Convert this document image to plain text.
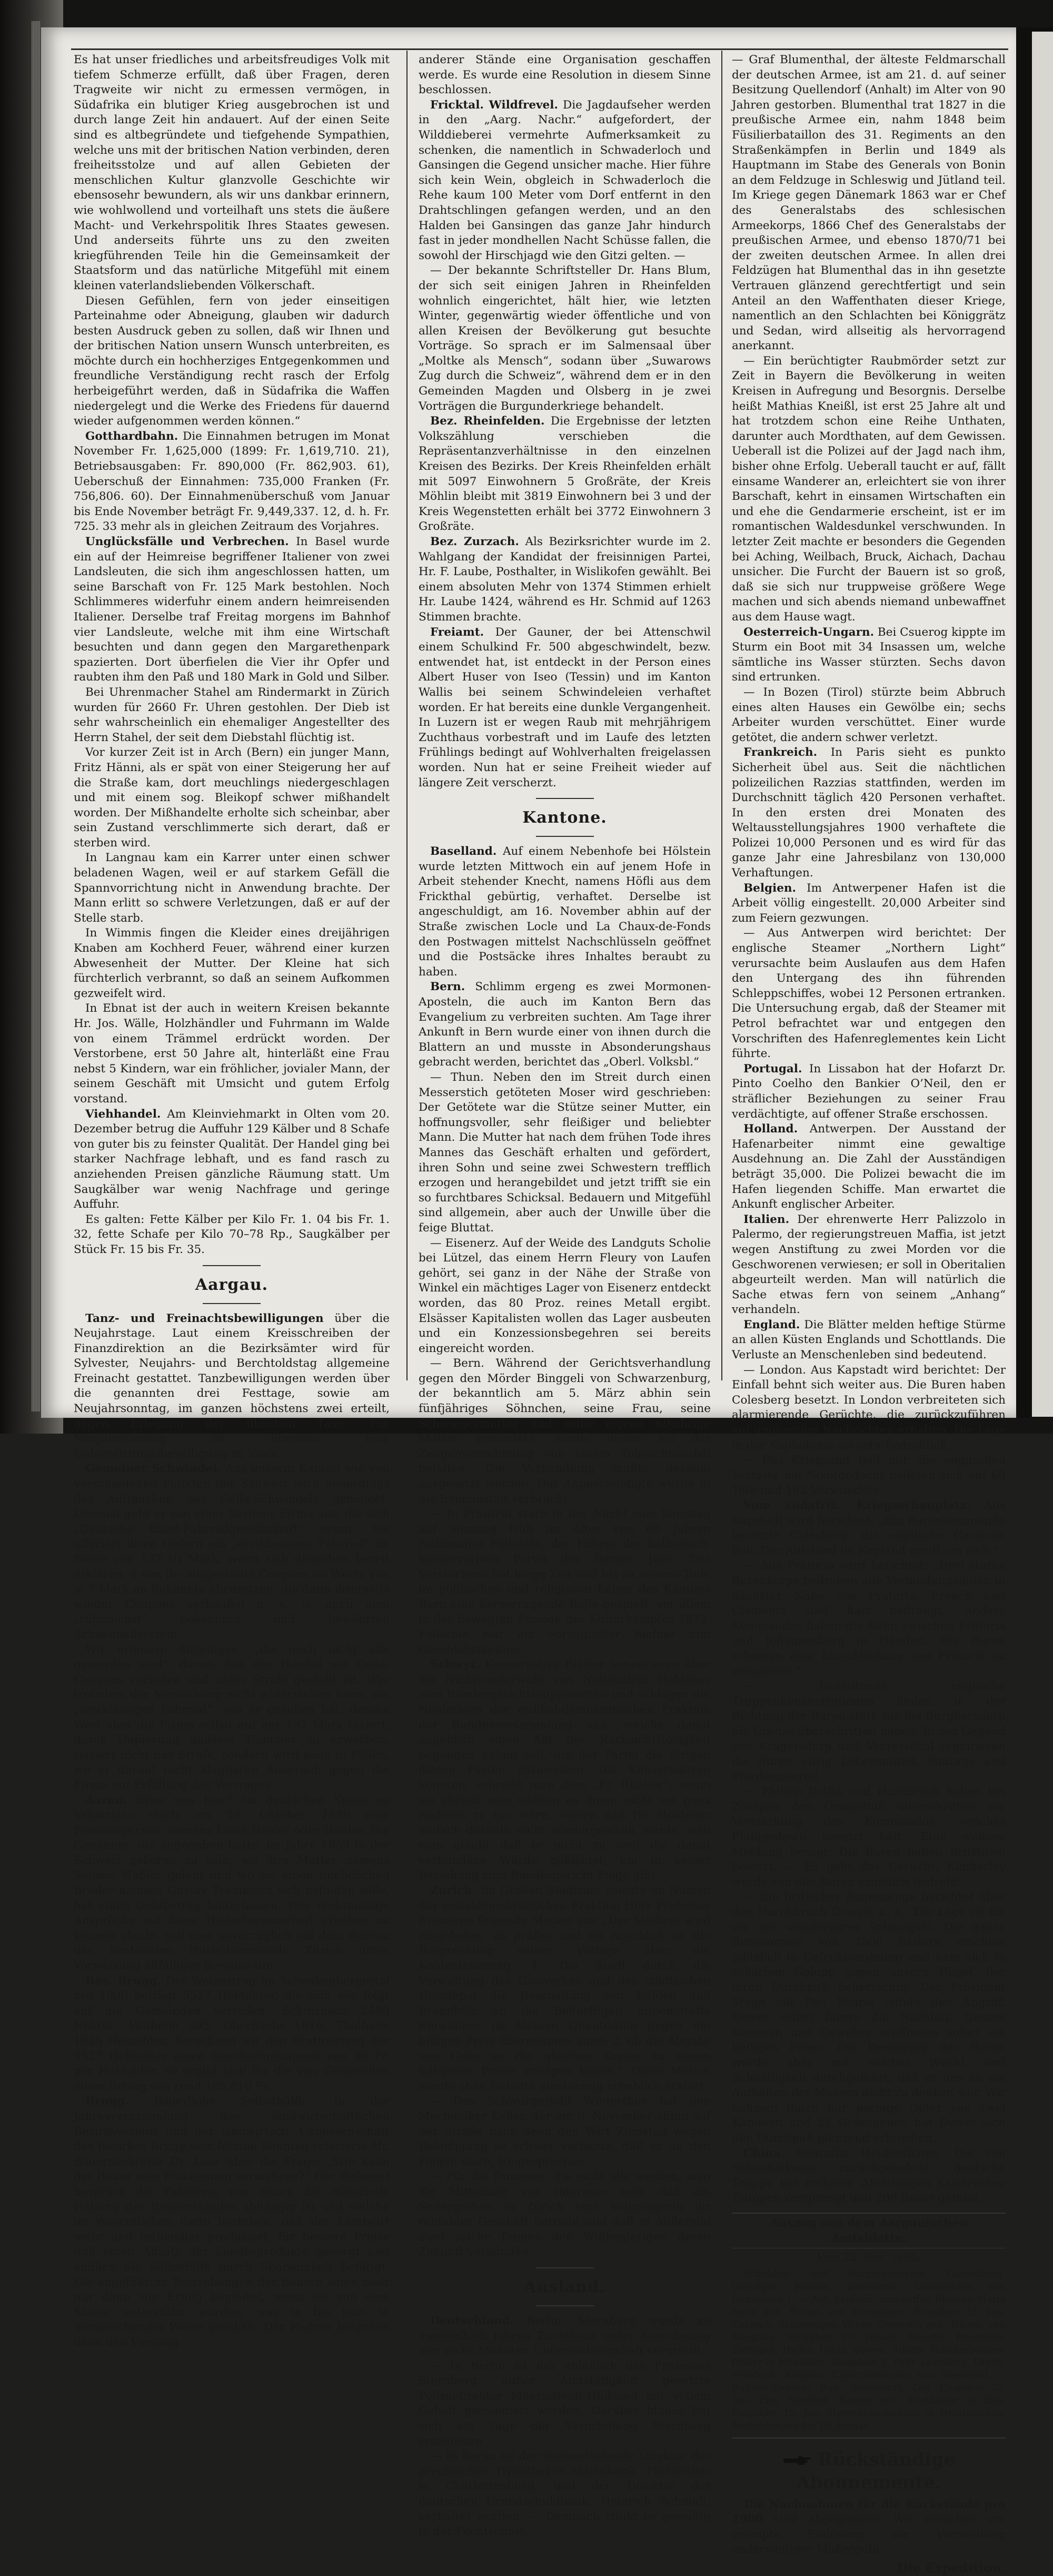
Es hat unser friedliches und arbeitsfreudiges Volk mit tiefem Schmerze erfüllt, daß über Fragen, deren Tragweite wir nicht zu ermessen vermögen, in Südafrika ein blutiger Krieg ausgebrochen ist und durch lange Zeit hin andauert. Auf der einen Seite sind es altbegründete und tiefgehende Sympathien, welche uns mit der britischen Nation verbinden, deren freiheitsstolze und auf allen Gebieten der menschlichen Kultur glanzvolle Geschichte wir ebensosehr bewundern, als wir uns dankbar erinnern, wie wohlwollend und vorteilhaft uns stets die äußere Macht- und Verkehrspolitik Ihres Staates gewesen. Und anderseits führte uns zu den zweiten kriegführenden Teile hin die Gemeinsamkeit der Staatsform und das natürliche Mitgefühl mit einem kleinen vaterlandsliebenden Völkerschaft.

Diesen Gefühlen, fern von jeder einseitigen Parteinahme oder Abneigung, glauben wir dadurch besten Ausdruck geben zu sollen, daß wir Ihnen und der britischen Nation unsern Wunsch unterbreiten, es möchte durch ein hochherziges Entgegenkommen und freundliche Verständigung recht rasch der Erfolg herbeigeführt werden, daß in Südafrika die Waffen niedergelegt und die Werke des Friedens für dauernd wieder aufgenommen werden können.“

Gotthardbahn. Die Einnahmen betrugen im Monat November Fr. 1,625,000 (1899: Fr. 1,619,710. 21), Betriebsausgaben: Fr. 890,000 (Fr. 862,903. 61), Ueberschuß der Einnahmen: 735,000 Franken (Fr. 756,806. 60). Der Einnahmenüberschuß vom Januar bis Ende November beträgt Fr. 9,449,337. 12, d. h. Fr. 725. 33 mehr als in gleichen Zeitraum des Vorjahres.

Unglücksfälle und Verbrechen. In Basel wurde ein auf der Heimreise begriffener Italiener von zwei Landsleuten, die sich ihm angeschlossen hatten, um seine Barschaft von Fr. 125 Mark bestohlen. Noch Schlimmeres widerfuhr einem andern heimreisenden Italiener. Derselbe traf Freitag morgens im Bahnhof vier Landsleute, welche mit ihm eine Wirtschaft besuchten und dann gegen den Margarethenpark spazierten. Dort überfielen die Vier ihr Opfer und raubten ihm den Paß und 180 Mark in Gold und Silber.

Bei Uhrenmacher Stahel am Rindermarkt in Zürich wurden für 2660 Fr. Uhren gestohlen. Der Dieb ist sehr wahrscheinlich ein ehemaliger Angestellter des Herrn Stahel, der seit dem Diebstahl flüchtig ist.

Vor kurzer Zeit ist in Arch (Bern) ein junger Mann, Fritz Hänni, als er spät von einer Steigerung her auf die Straße kam, dort meuchlings niedergeschlagen und mit einem sog. Bleikopf schwer mißhandelt worden. Der Mißhandelte erholte sich scheinbar, aber sein Zustand verschlimmerte sich derart, daß er sterben wird.

In Langnau kam ein Karrer unter einen schwer beladenen Wagen, weil er auf starkem Gefäll die Spannvorrichtung nicht in Anwendung brachte. Der Mann erlitt so schwere Verletzungen, daß er auf der Stelle starb.

In Wimmis fingen die Kleider eines dreijährigen Knaben am Kochherd Feuer, während einer kurzen Abwesenheit der Mutter. Der Kleine hat sich fürchterlich verbrannt, so daß an seinem Aufkommen gezweifelt wird.

In Ebnat ist der auch in weitern Kreisen bekannte Hr. Jos. Wälle, Holzhändler und Fuhrmann im Walde von einem Trämmel erdrückt worden. Der Verstorbene, erst 50 Jahre alt, hinterläßt eine Frau nebst 5 Kindern, war ein fröhlicher, jovialer Mann, der seinem Geschäft mit Umsicht und gutem Erfolg vorstand.

Viehhandel. Am Kleinviehmarkt in Olten vom 20. Dezember betrug die Auffuhr 129 Kälber und 8 Schafe von guter bis zu feinster Qualität. Der Handel ging bei starker Nachfrage lebhaft, und es fand rasch zu anziehenden Preisen gänzliche Räumung statt. Um Saugkälber war wenig Nachfrage und geringe Auffuhr.

Es galten: Fette Kälber per Kilo Fr. 1. 04 bis Fr. 1. 32, fette Schafe per Kilo 70–78 Rp., Saugkälber per Stück Fr. 15 bis Fr. 35.

Aargau.

Tanz- und Freinachtsbewilligungen über die Neujahrstage. Laut einem Kreisschreiben der Finanzdirektion an die Bezirksämter wird für Sylvester, Neujahrs- und Berchtoldstag allgemeine Freinacht gestattet. Tanzbewilligungen werden über die genannten drei Festtage, sowie am Neujahrsonntag, im ganzen höchstens zwei erteilt, gegen Erlegung der üblichen Taxe. Für Neujahrsonntag ist überdies eine Ueberwirtungsbewilligung zu lösen.

Gemeiner Schwindel. Aus unserm Kanton wie von verschiedenen Punkten der Schweiz wird neuerdings das Auftauchen des Gella-Schwindels gemeldet. Diesmal geht er von einer Berliner Firma aus, die sich „Deutsche Elliot-Fahrradgesellschaft“ nennt. Sie offeriert ihren Opfern ein „erstklassiges Fahrrad“ im Werte von 137 (!) Mark, wenn sich dieselben bereit erklären, 4 von ihr ausgestellte Coupons im Werte von je 7 Mark an Bekannte abzusetzen, die dann ihrerseits wieder Coupons verkaufen u. s. w. nach dem „rühmlichst“ bekannten und bewährten Schneeballsystem.

Wir erinnern diejenigen, „die noch nicht alle geworden sind“, daran, daß der Handel mit Gella-Coupons verboten und unter Strafe gestellt ist. Wer trotzdem der Versuchung nicht widerstehen kann, ein „erstklassiges Fahrrad“, wie er gesehen hat, dessen Wert aber die Firma selbst auf nur 137 Mark taxiert, durch Dupierung anderer Dummer zu erwerben, riskiert nicht nur Strafe, sondern wird auch in Fällen, wo er darauf nicht klagbaren Anspruch gegen die Firma auf Erfüllung des Vertrages.

Aarau. Etwa von hier? Im deutschen Spital zu Valparaiso starb am 25. Oktober 1899 eine Frauensperson, namens Luise Hasler oder Haßler. Die Genannte, die angegeben hatte, im Jahre 1859 in der Schweiz geboren zu sein, wo ihre Mutter namens Salome Haßler gelebt und wo sie einen unehelichen Bruder namens Gustav Trammsch sich befinden solle, hat einen Geldbetrag hinterlassen. Wer rechtmäßige Ansprüche auf diese Hinterlassenschaft erheben zu können glaubt, soll dies unverzüglich auf dem Bureau des kantonalen Polizeikommando Zürich unter Vorweisung allfälliger Beweise tun.

Bez. Brugg. Der Weinertrag im Schenkenbergertal pro 1900 beträgt 5527 Hektoliter, die sich wie folgt auf die Gemeinden verteilen: Schinznach 2490 Hektol., Veltheim 395, Oberflachs 1616, Thalheim 1025 Hektoliter. Berechnen wir den Bruttoertrag der 5527 Hektoliter einen Durchschnittspreis von 30 Fr. per Hektoliter, so ergibt sich für die vier Gemeinden einen Ertrag von rund 165,810 Fr.

Brugg. Bäuerliche Selbsthülfe. In der Jahresversammlung des landwirtschaftlichen Bezirksvereins und der landwirtsch. Genossenschaft des Bezirkes Brugg vom letzten Sonntag referierte Hr. Bauernsekretär Dr. Laur über die Frage: „Wie kann der Bauer sein Einkommen vermehren?“ Der Referent besprach die Faktoren, von denen die materielle Hebung des Bauernstandes abhängig ist und welche im Wesentlichen darin bestehen, daß der Landwirt mehr und rationeller produziert, für bessere Preise und einen Absatz der Landesprodukte gesorgt und endlich die Selbsthilfe durch Sparsamkeit betätigt. Die angeführten Bestrebungen der Bauern seien zwar nur dann von Erfolg begleitet, wenn sie von dem Staate unterstützt würden, was in bis jetzt in unzureichender Weise geschah. Der Redner besprach dann den Vorgang

anderer Stände eine Organisation geschaffen werde. Es wurde eine Resolution in diesem Sinne beschlossen.

Fricktal. Wildfrevel. Die Jagdaufseher werden in den „Aarg. Nachr.“ aufgefordert, der Wilddieberei vermehrte Aufmerksamkeit zu schenken, die namentlich in Schwaderloch und Gansingen die Gegend unsicher mache. Hier führe sich kein Wein, obgleich in Schwaderloch die Rehe kaum 100 Meter vom Dorf entfernt in den Drahtschlingen gefangen werden, und an den Halden bei Gansingen das ganze Jahr hindurch fast in jeder mondhellen Nacht Schüsse fallen, die sowohl der Hirschjagd wie den Gitzi gelten. —

— Der bekannte Schriftsteller Dr. Hans Blum, der sich seit einigen Jahren in Rheinfelden wohnlich eingerichtet, hält hier, wie letzten Winter, gegenwärtig wieder öffentliche und von allen Kreisen der Bevölkerung gut besuchte Vorträge. So sprach er im Salmensaal über „Moltke als Mensch“, sodann über „Suwarows Zug durch die Schweiz“, während dem er in den Gemeinden Magden und Olsberg in je zwei Vorträgen die Burgunderkriege behandelt.

Bez. Rheinfelden. Die Ergebnisse der letzten Volkszählung verschieben die Repräsentanzverhältnisse in den einzelnen Kreisen des Bezirks. Der Kreis Rheinfelden erhält mit 5097 Einwohnern 5 Großräte, der Kreis Möhlin bleibt mit 3819 Einwohnern bei 3 und der Kreis Wegenstetten erhält bei 3772 Einwohnern 3 Großräte.

Bez. Zurzach. Als Bezirksrichter wurde im 2. Wahlgang der Kandidat der freisinnigen Partei, Hr. F. Laube, Posthalter, in Wislikofen gewählt. Bei einem absoluten Mehr von 1374 Stimmen erhielt Hr. Laube 1424, während es Hr. Schmid auf 1263 Stimmen brachte.

Freiamt. Der Gauner, der bei Attenschwil einem Schulkind Fr. 500 abgeschwindelt, bezw. entwendet hat, ist entdeckt in der Person eines Albert Huser von Iseo (Tessin) und im Kanton Wallis bei seinem Schwindeleien verhaftet worden. Er hat bereits eine dunkle Vergangenheit. In Luzern ist er wegen Raub mit mehrjährigem Zuchthaus vorbestraft und im Laufe des letzten Frühlings bedingt auf Wohlverhalten freigelassen worden. Nun hat er seine Freiheit wieder auf längere Zeit verscherzt.

Kantone.

Baselland. Auf einem Nebenhofe bei Hölstein wurde letzten Mittwoch ein auf jenem Hofe in Arbeit stehender Knecht, namens Höfli aus dem Frickthal gebürtig, verhaftet. Derselbe ist angeschuldigt, am 16. November abhin auf der Straße zwischen Locle und La Chaux-de-Fonds den Postwagen mittelst Nachschlüsseln geöffnet und die Postsäcke ihres Inhaltes beraubt zu haben.

Bern. Schlimm ergeng es zwei Mormonen-Aposteln, die auch im Kanton Bern das Evangelium zu verbreiten suchten. Am Tage ihrer Ankunft in Bern wurde einer von ihnen durch die Blattern an und musste in Absonderungshaus gebracht werden, berichtet das „Oberl. Volksbl.“

— Thun. Neben den im Streit durch einen Messerstich getöteten Moser wird geschrieben: Der Getötete war die Stütze seiner Mutter, ein hoffnungsvoller, sehr fleißiger und beliebter Mann. Die Mutter hat nach dem frühen Tode ihres Mannes das Geschäft erhalten und gefördert, ihren Sohn und seine zwei Schwestern trefflich erzogen und herangebildet und jetzt trifft sie ein so furchtbares Schicksal. Bedauern und Mitgefühl sind allgemein, aber auch der Unwille über die feige Bluttat.

— Eisenerz. Auf der Weide des Landguts Scholie bei Lützel, das einem Herrn Fleury von Laufen gehört, sei ganz in der Nähe der Straße von Winkel ein mächtiges Lager von Eisenerz entdeckt worden, das 80 Proz. reines Metall ergibt. Elsässer Kapitalisten wollen das Lager ausbeuten und ein Konzessionsbegehren sei bereits eingereicht worden.

— Bern. Während der Gerichtsverhandlung gegen den Mörder Binggeli von Schwarzenburg, der bekanntlich am 5. März abhin sein fünfjähriges Söhnchen, seine Frau, seine Schwiegermutter und seine eigene 69jährige Mutter ermordete, wurde dieser bei der Zeugenvernehmung von einem Tobsuchtsanfall befallen. Die Verhandlung mußte deshalb ausgesetzt werden. Der Angeschuldigte wurde in die Irrenanstalt verbracht.

— In Pruntrut starb in der Nacht vom Samstag auf Sonntag früh im Alter von 68 Jahren Nationalrat Follatete, der Führer der katholisch-konservativen Partei des Berner Jura. Der Verstorbene hat lange Zeit und bis zu seinem Tode im politischen und religiösen Leben des Kantons Bern eine hervorragende Rolle gespielt, vor allem in der bewegten Periode des Kulturkampfes 1873. Follatete war ein vorzüglicher Redner und Geschichtskenner.

Schwyz. Konservative Blätter lamentieren über die Nichtwiederwahl von Nationalrat Holdener zum Bundesgerichtssuppleanten und schlagen die Niederlage der radikal-demokratischen Fraktion der Bundesversammlung aus, welche damit angeblich einen Akt der Rücksichtslosigkeit begangen haben soll, um der Partei die ihrigen diesen Posten zuzuweisen. Die Konservativen könnten, schreibt man dem „Fr. Rhätier“, wenn sie ehrlich sein wollten es ihnen nicht um ganz Anderes zu tun wäre, wissen daß Hr. Holdener einfach deshalb nicht wiedergewählt wurde, weil man glaubt daß er nicht zu weit die damit verbundene Würde gekleidet, um in keiner Beziehung zum Bundesgericht Folge gibt.

Zürich. Im Großen Stadtrate reichte im Namen der sozialdemokratischen Fraktion Herr Professor Erismann folgende Motion ein: „Der Stadtrat wird eingeladen, zu prüfen und im Anschluß an die Besprechung seiner Vorlage über die Kohlenteuerung: 1. Die Stadt durch die Verwaltung des Gaswerkes und des städtischen Holzdepot die Beschaffung von Kohlen und Brennholz an die Bedürftigen unbemittelte Einwohner im kleinen Quantitäten gegen ein billigen Preis übernehmen kann; 2. ob die Abgabe von Coke an die gleichen Kreise zu einem billigeren Preise erfolgen könne.“ Diese Motion wurde ohne Debatte einstimmig erheblich erklärt.

— Das Schwurgericht Winterthur hat den Mechaniker Keller, der am 9. November abhin auf der Straße nach Seen den Wirt Zumstag wegen Beleidigung so schwer verletzte, daß er an den Folgen starb, freigesprochen.

— Für die Dummen, die nicht alle werden, mag die Mitteilung von Interesse sein, daß am Seilergraben in Zürich eine Wahrsagerin ihr rentables Geschäft betreibt und daß in Außersihl zwei solche Damen den Wißbegierigen deren Zukunft verkünden.

Ausland.

Deutschland. Berlin. Sternberg wurde zu zweieinhalb Jahren Zuchthaus unter Anrechnung von sechs Monaten Untersuchungshaft verurteilt.

— In Berlin ist der anläßlich des Prozesses Sternberg außer Amtstätigkeit gesetzte Polizeidirektor Meerscheidt-Hüllesen mit vollem Gehalt pensioniert worden. Darüber hinaus hat sich am Tage der Verurteilung Sternberg erschossen.

— In Berlin ist der stellvertretende Direktor der preußischen Hypotheken-Aktienbank, Tüchmüller in Charlottenburg, und der Direktor der deutschen Grundschuldbank, Heinrich Schmidt, verhaftet worden. — Demnach stinkt es gewaltig in der Fechtschule.

— Graf Blumenthal, der älteste Feldmarschall der deutschen Armee, ist am 21. d. auf seiner Besitzung Quellendorf (Anhalt) im Alter von 90 Jahren gestorben. Blumenthal trat 1827 in die preußische Armee ein, nahm 1848 beim Füsilierbataillon des 31. Regiments an den Straßenkämpfen in Berlin und 1849 als Hauptmann im Stabe des Generals von Bonin an dem Feldzuge in Schleswig und Jütland teil. Im Kriege gegen Dänemark 1863 war er Chef des Generalstabs des schlesischen Armeekorps, 1866 Chef des Generalstabs der preußischen Armee, und ebenso 1870/71 bei der zweiten deutschen Armee. In allen drei Feldzügen hat Blumenthal das in ihn gesetzte Vertrauen glänzend gerechtfertigt und sein Anteil an den Waffenthaten dieser Kriege, namentlich an den Schlachten bei Königgrätz und Sedan, wird allseitig als hervorragend anerkannt.

— Ein berüchtigter Raubmörder setzt zur Zeit in Bayern die Bevölkerung in weiten Kreisen in Aufregung und Besorgnis. Derselbe heißt Mathias Kneißl, ist erst 25 Jahre alt und hat trotzdem schon eine Reihe Unthaten, darunter auch Mordthaten, auf dem Gewissen. Ueberall ist die Polizei auf der Jagd nach ihm, bisher ohne Erfolg. Ueberall taucht er auf, fällt einsame Wanderer an, erleichtert sie von ihrer Barschaft, kehrt in einsamen Wirtschaften ein und ehe die Gendarmerie erscheint, ist er im romantischen Waldesdunkel verschwunden. In letzter Zeit machte er besonders die Gegenden bei Aching, Weilbach, Bruck, Aichach, Dachau unsicher. Die Furcht der Bauern ist so groß, daß sie sich nur truppweise größere Wege machen und sich abends niemand unbewaffnet aus dem Hause wagt.

Oesterreich-Ungarn. Bei Csuerog kippte im Sturm ein Boot mit 34 Insassen um, welche sämtliche ins Wasser stürzten. Sechs davon sind ertrunken.

— In Bozen (Tirol) stürzte beim Abbruch eines alten Hauses ein Gewölbe ein; sechs Arbeiter wurden verschüttet. Einer wurde getötet, die andern schwer verletzt.

Frankreich. In Paris sieht es punkto Sicherheit übel aus. Seit die nächtlichen polizeilichen Razzias stattfinden, werden im Durchschnitt täglich 420 Personen verhaftet. In den ersten drei Monaten des Weltausstellungsjahres 1900 verhaftete die Polizei 10,000 Personen und es wird für das ganze Jahr eine Jahresbilanz von 130,000 Verhaftungen.

Belgien. Im Antwerpener Hafen ist die Arbeit völlig eingestellt. 20,000 Arbeiter sind zum Feiern gezwungen.

— Aus Antwerpen wird berichtet: Der englische Steamer „Northern Light“ verursachte beim Auslaufen aus dem Hafen den Untergang des ihn führenden Schleppschiffes, wobei 12 Personen ertranken. Die Untersuchung ergab, daß der Steamer mit Petrol befrachtet war und entgegen den Vorschriften des Hafenreglementes kein Licht führte.

Portugal. In Lissabon hat der Hofarzt Dr. Pinto Coelho den Bankier O’Neil, den er sträflicher Beziehungen zu seiner Frau verdächtigte, auf offener Straße erschossen.

Holland. Antwerpen. Der Ausstand der Hafenarbeiter nimmt eine gewaltige Ausdehnung an. Die Zahl der Ausständigen beträgt 35,000. Die Polizei bewacht die im Hafen liegenden Schiffe. Man erwartet die Ankunft englischer Arbeiter.

Italien. Der ehrenwerte Herr Palizzolo in Palermo, der regierungstreuen Maffia, ist jetzt wegen Anstiftung zu zwei Morden vor die Geschworenen verwiesen; er soll in Oberitalien abgeurteilt werden. Man will natürlich die Sache etwas fern von seinem „Anhang“ verhandeln.

England. Die Blätter melden heftige Stürme an allen Küsten Englands und Schottlands. Die Verluste an Menschenleben sind bedeutend.

— London. Aus Kapstadt wird berichtet: Der Einfall behnt sich weiter aus. Die Buren haben Colesberg besetzt. In London verbreiteten sich alarmierende Gerüchte, die zurückzuführen auf ungünstige Nachrichten erhalten. Die Lage in der Kapkolonie sei sehr bedrohlich.

— Das Kriegsamt teilt mit: die englischen Verluste bei Nooitgedacht beliefen sich auf 60 Tote und 162 Verwundete.

Vom südafrik. Kriegsschauplatz. Aus Kapstadt wird berichtet: „Ein Burenkommando besetzte Colesberg; die englische Garnison floh. Der Aufstand im Kapland greift um sich.“

— Aus Prätoria wird berichtet: „Drei starke Burenkorps bedrohen alle Verbindungslinien in nächster Nähe von Prätoria. French und Clements sind hart bedrängt. Andere Kommandos haben die Bahn zwischen Prätoria und Johannesburg in Händen. Die Buren scheinen eine Einschließung von Prätoria zu versuchen.“

— Bedeutende englische Truppenkonzentrationen finden in der Richtung der Buren statt, die bei Burghersdorp die Grenze überschritten haben. In der Gegend von Krügersdorp und Ventersdaal requirieren die Buren eifrig Lebensmittel, Fourage und Pferdematerial.

— Philipp Botha und Hazebrook haben bei Zoutpan den Oranjefluß überschritten zur Verstärkung des Kommandos, welches Philippstown besetzt hält. Eine weitere Meldung besagt: Die Buren haben Britstown besetzt. — Es geht das Gerücht, Kimberley werde von den Buren ernstlich bedroht.

— Ein britischer Augenzeuge berichtet über den Durchbruch Dewets u. a.: Die Lage ist bis um ein wunderbares Schauspiel. Die ganze Burenarmee von 2500 Reitern erschien plötzlich in Gefechtsordnung und kam sich in scharfem Galopp gegen unsern Hügel, der ihren Durchpaß beherrschte. Der Präsident Steijn mit Piet Fourié leitete den Angriff. Dewet selbst führte die Nachhut. Unsere Kanonen und Gewehre eröffneten sofort ein heftiges Feuer. Die Bewegung der Buren wurde aber mit solcher Wucht und Schnelligkeit durchgeführt, daß es uns an ein Aufhalten der Massen nicht zu denken war. Wir nahmen ihnen nur geringe Opfer von zwei Kanonen und 25 Gefangenen hat Dewet sich den Durchpaß glänzend erbrochen.

China. Deutsche Heldenthaten. Die von Schanhaikwan zurückgekehrte deutsche Truppe hat mehrere Abteilungen kaiserlicher Truppen zersprengt und 200 Boxer getötet.

Auszug aus dem Aargauischen Amtsblatte.
Vom 22. Dez. 1900.

Schulden- und Bürgschaftsrufe. Laufenburg. Oeschger, Johann, gewesener Unterlehrer, von Gansingen †. — Akt. Fridolin, und deffen Ehefrau Maria Anna geb. Bürge, von Hornussen. Eingaben 23. Jan. Zurzach. Schleuniger, Witwe Genovefa geb. Häseli, von Klingnau. Eingaben 23. Januar. Benefiz. Inventarii. Zofingen. Haller, Louis, gewes. Adolfs, Tabakarbeiters, früher in Menziken. Eingaben 2. Febr. Lenzburg. Urech, Friedrich, Kaspars, Cigarrenmacher, von Niederwil. — Bühnen-Gauschi, Rud., Schlossers, Zug. Eingaben 22. Jan. Zug. Streibel, Kaspar sel., Posthalter in Zug. Eingaben 15. Jan. Hypothekarkanzlei in Hendschiken. Anmeldungen bis 10. Januar.

Rückständige Abonnemente.

Die Nachnahmen für die Rückstände pro 1900 sind abgegangen. Wir ersuchen um prompte Einlösung zur Vermeidung anderweitiger Maßregeln.

Die Expedition.
